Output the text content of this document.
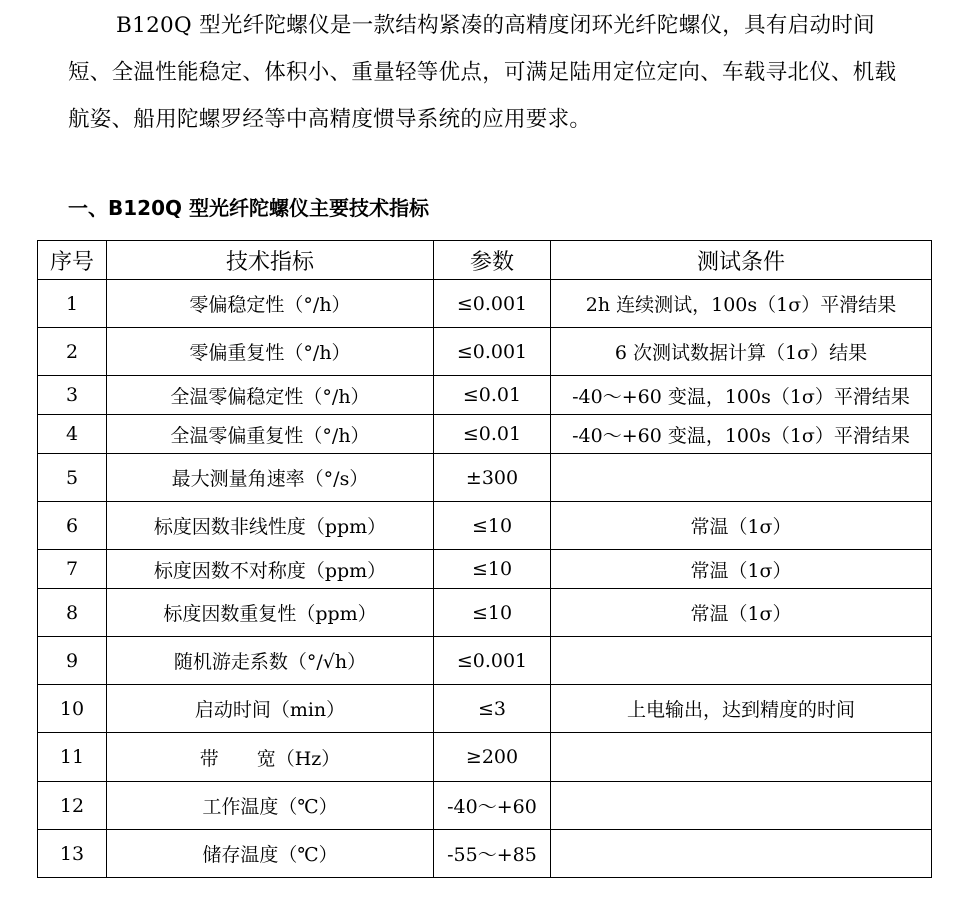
B120Q 型光纤陀螺仪是一款结构紧凑的高精度闭环光纤陀螺仪，具有启动时间短、全温性能稳定、体积小、重量轻等优点，可满足陆用定位定向、车载寻北仪、机载航姿、船用陀螺罗经等中高精度惯导系统的应用要求。

一、B120Q 型光纤陀螺仪主要技术指标
序号	技术指标	参数	测试条件
1	零偏稳定性（°/h）	≤0.001	2h 连续测试，100s（1σ）平滑结果
2	零偏重复性（°/h）	≤0.001	6 次测试数据计算（1σ）结果
3	全温零偏稳定性（°/h）	≤0.01	-40～+60 变温，100s（1σ）平滑结果
4	全温零偏重复性（°/h）	≤0.01	-40～+60 变温，100s（1σ）平滑结果
5	最大测量角速率（°/s）	±300	
6	标度因数非线性度（ppm）	≤10	常温（1σ）
7	标度因数不对称度（ppm）	≤10	常温（1σ）
8	标度因数重复性（ppm）	≤10	常温（1σ）
9	随机游走系数（°/√h）	≤0.001	
10	启动时间（min）	≤3	上电输出，达到精度的时间
11	带　　宽（Hz）	≥200	
12	工作温度（℃）	-40～+60	
13	储存温度（℃）	-55～+85	
